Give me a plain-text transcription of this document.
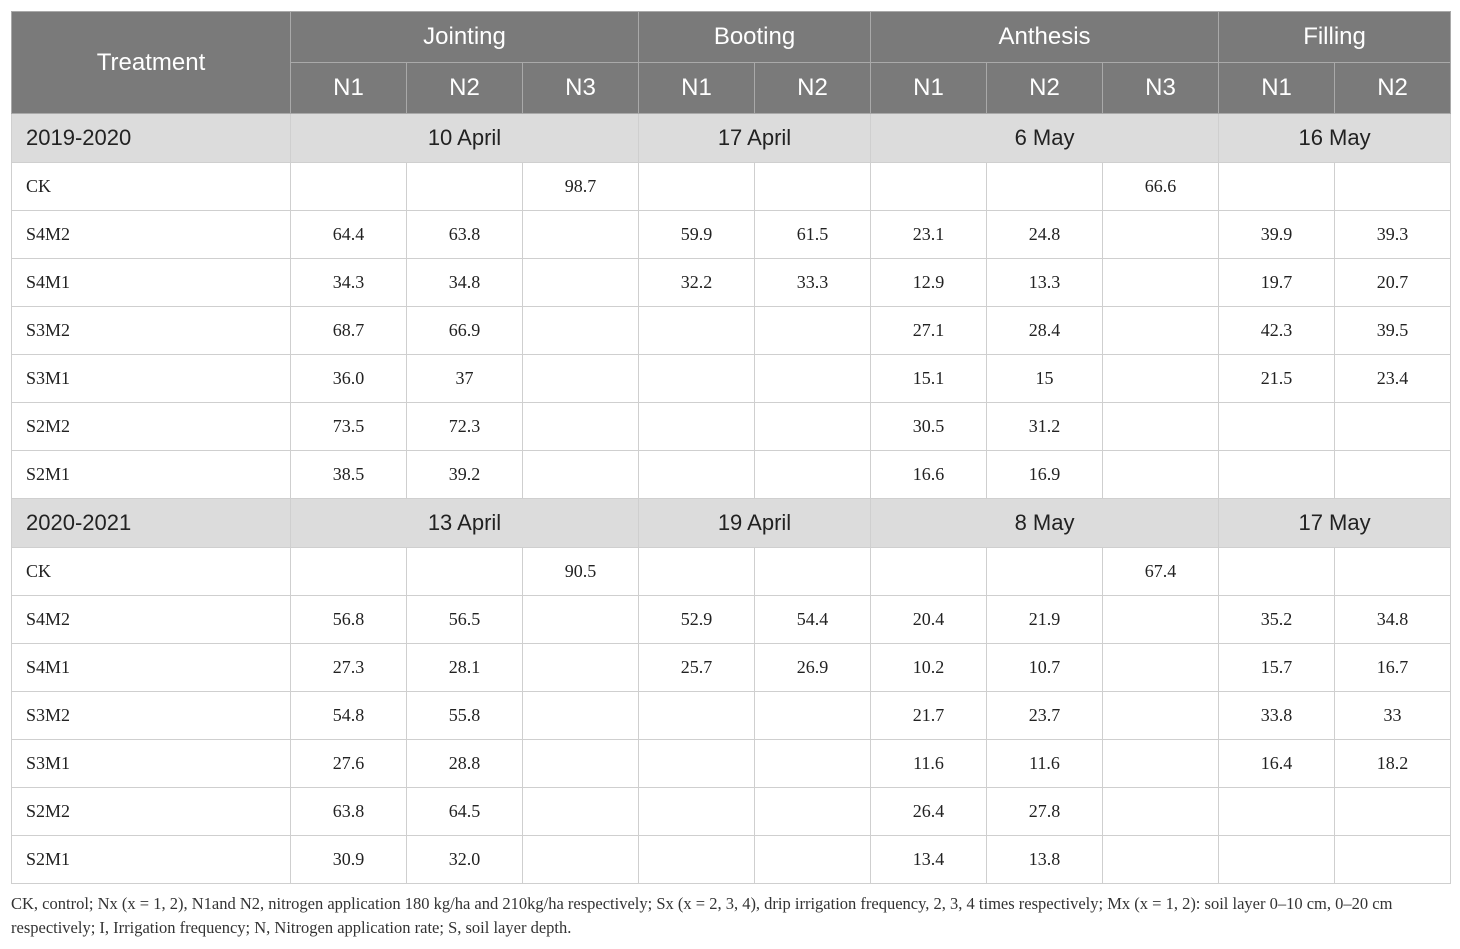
Treatment	Jointing			Booting		Anthesis			Filling	
	N1	N2	N3	N1	N2	N1	N2	N3	N1	N2
2019-2020	10 April			17 April		6 May			16 May	
CK			98.7					66.6		
S4M2	64.4	63.8		59.9	61.5	23.1	24.8		39.9	39.3
S4M1	34.3	34.8		32.2	33.3	12.9	13.3		19.7	20.7
S3M2	68.7	66.9				27.1	28.4		42.3	39.5
S3M1	36.0	37				15.1	15		21.5	23.4
S2M2	73.5	72.3				30.5	31.2			
S2M1	38.5	39.2				16.6	16.9			
2020-2021	13 April			19 April		8 May			17 May	
CK			90.5					67.4		
S4M2	56.8	56.5		52.9	54.4	20.4	21.9		35.2	34.8
S4M1	27.3	28.1		25.7	26.9	10.2	10.7		15.7	16.7
S3M2	54.8	55.8				21.7	23.7		33.8	33
S3M1	27.6	28.8				11.6	11.6		16.4	18.2
S2M2	63.8	64.5				26.4	27.8			
S2M1	30.9	32.0				13.4	13.8			

CK, control; Nx (x = 1, 2), N1and N2, nitrogen application 180 kg/ha and 210kg/ha respectively; Sx (x = 2, 3, 4), drip irrigation frequency, 2, 3, 4 times respectively; Mx (x = 1, 2): soil layer 0–10 cm, 0–20 cm respectively; I, Irrigation frequency; N, Nitrogen application rate; S, soil layer depth.
